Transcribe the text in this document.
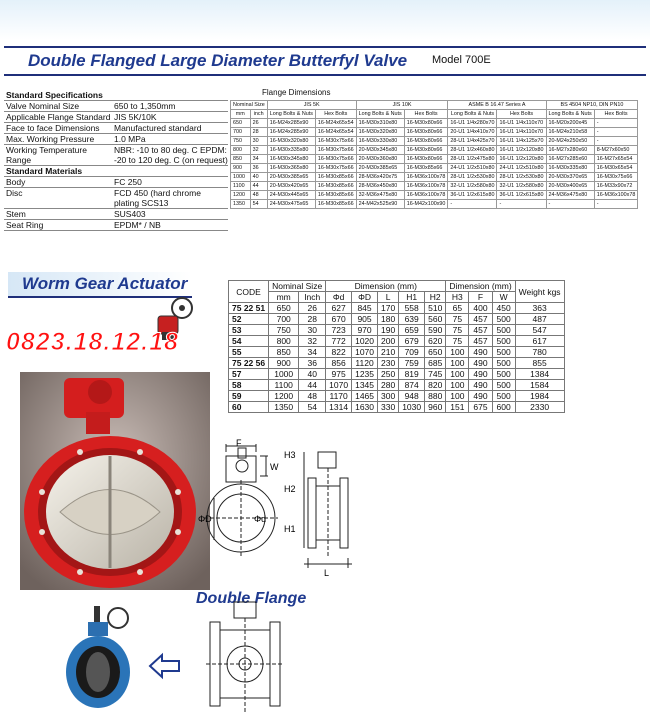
Double Flanged Large Diameter Butterfyl Valve Model 700E
Standard Specifications
Valve Nominal Size	650 to 1,350mm
Applicable Flange Standard JIS 5K/10K
Face to face Dimensions	Manufactured standard
Max. Working Pressure	1.0 MPa
Working Temperature Range
NBR: -10 to 80 deg. C EPDM: -20 to 120 deg. C (on request)
Standard Materials
Body	FC 250
Disc	FCD 450 (hard chrome plating SCS13
Stem	SUS403
Seat Ring	EPDM* / NB
Flange Dimensions
Nominal Size		JIS 5K		JIS 10K		ASME B 16.47 Series A		BS 4504 NP10, DIN PN10	
mm	inch	Long Bolts & Nuts	Hex Bolts	Long Bolts & Nuts	Hex Bolts	Long Bolts & Nuts	Hex Bolts	Long Bolts & Nuts	Hex Bolts
650	26	16-M24x285x90	16-M24x65x54	16-M30x310x80	16-M30x80x66	16-U1 1/4x280x70	16-U1 1/4x110x70	16-M20x200x45	-
700	28	16-M24x285x90	16-M24x65x54	16-M30x320x80	16-M30x80x66	20-U1 1/4x410x70	16-U1 1/4x110x70	16-M24x210x58	-
750	30	16-M30x320x80	16-M30x75x66	16-M30x330x80	16-M30x80x66	28-U1 1/4x425x70	16-U1 1/4x125x70	20-M24x250x50	-
800	32	16-M30x335x80	16-M30x75x66	20-M30x345x80	16-M30x80x66	28-U1 1/2x460x80	16-U1 1/2x120x80	16-M27x280x60	8-M27x60x50
850	34	16-M30x345x80	16-M30x75x66	20-M30x360x80	16-M30x80x66	28-U1 1/2x475x80	16-U1 1/2x120x80	16-M27x285x60	16-M27x65x54
900	36	16-M30x365x80	16-M30x75x66	20-M30x385x65	16-M30x85x66	24-U1 1/2x510x80	24-U1 1/2x510x80	16-M30x335x80	16-M30x65x54
1000	40	20-M30x385x65	16-M30x85x66	28-M36x420x75	16-M36x100x78	28-U1 1/2x530x80	28-U1 1/2x530x80	20-M30x370x65	16-M30x75x66
1100	44	20-M30x420x65	16-M30x85x66	28-M36x450x80	16-M36x100x78	32-U1 1/2x580x80	32-U1 1/2x580x80	20-M30x400x65	16-M33x90x72
1200	48	24-M30x445x65	16-M30x85x66	32-M36x475x80	16-M36x100x78	36-U1 1/2x615x80	36-U1 1/2x615x80	24-M36x475x80	16-M36x100x78
1350	54	24-M30x475x65	16-M30x85x66	24-M42x525x90	16-M42x100x90	-	-	-	-
Worm Gear Actuator
0823.18.12.18
CODE	Nominal Size		Dimension (mm)					Dimension (mm)			Weight kgs
	mm	Inch	Φd	ΦD	L	H1	H2	H3	F	W	
75 22 51	650	26	627	845	170	558	510	65	400	450	363
52	700	28	670	905	180	639	560	75	457	500	487
53	750	30	723	970	190	659	590	75	457	500	547
54	800	32	772	1020	200	679	620	75	457	500	617
55	850	34	822	1070	210	709	650	100	490	500	780
75 22 56	900	36	856	1120	230	759	685	100	490	500	855
57	1000	40	975	1235	250	819	745	100	490	500	1384
58	1100	44	1070	1345	280	874	820	100	490	500	1584
59	1200	48	1170	1465	300	948	880	100	490	500	1984
60	1350	54	1314	1630	330	1030	960	151	675	600	2330
F
W
ΦD	Φd
H3
H2
H1
L
Double Flange
